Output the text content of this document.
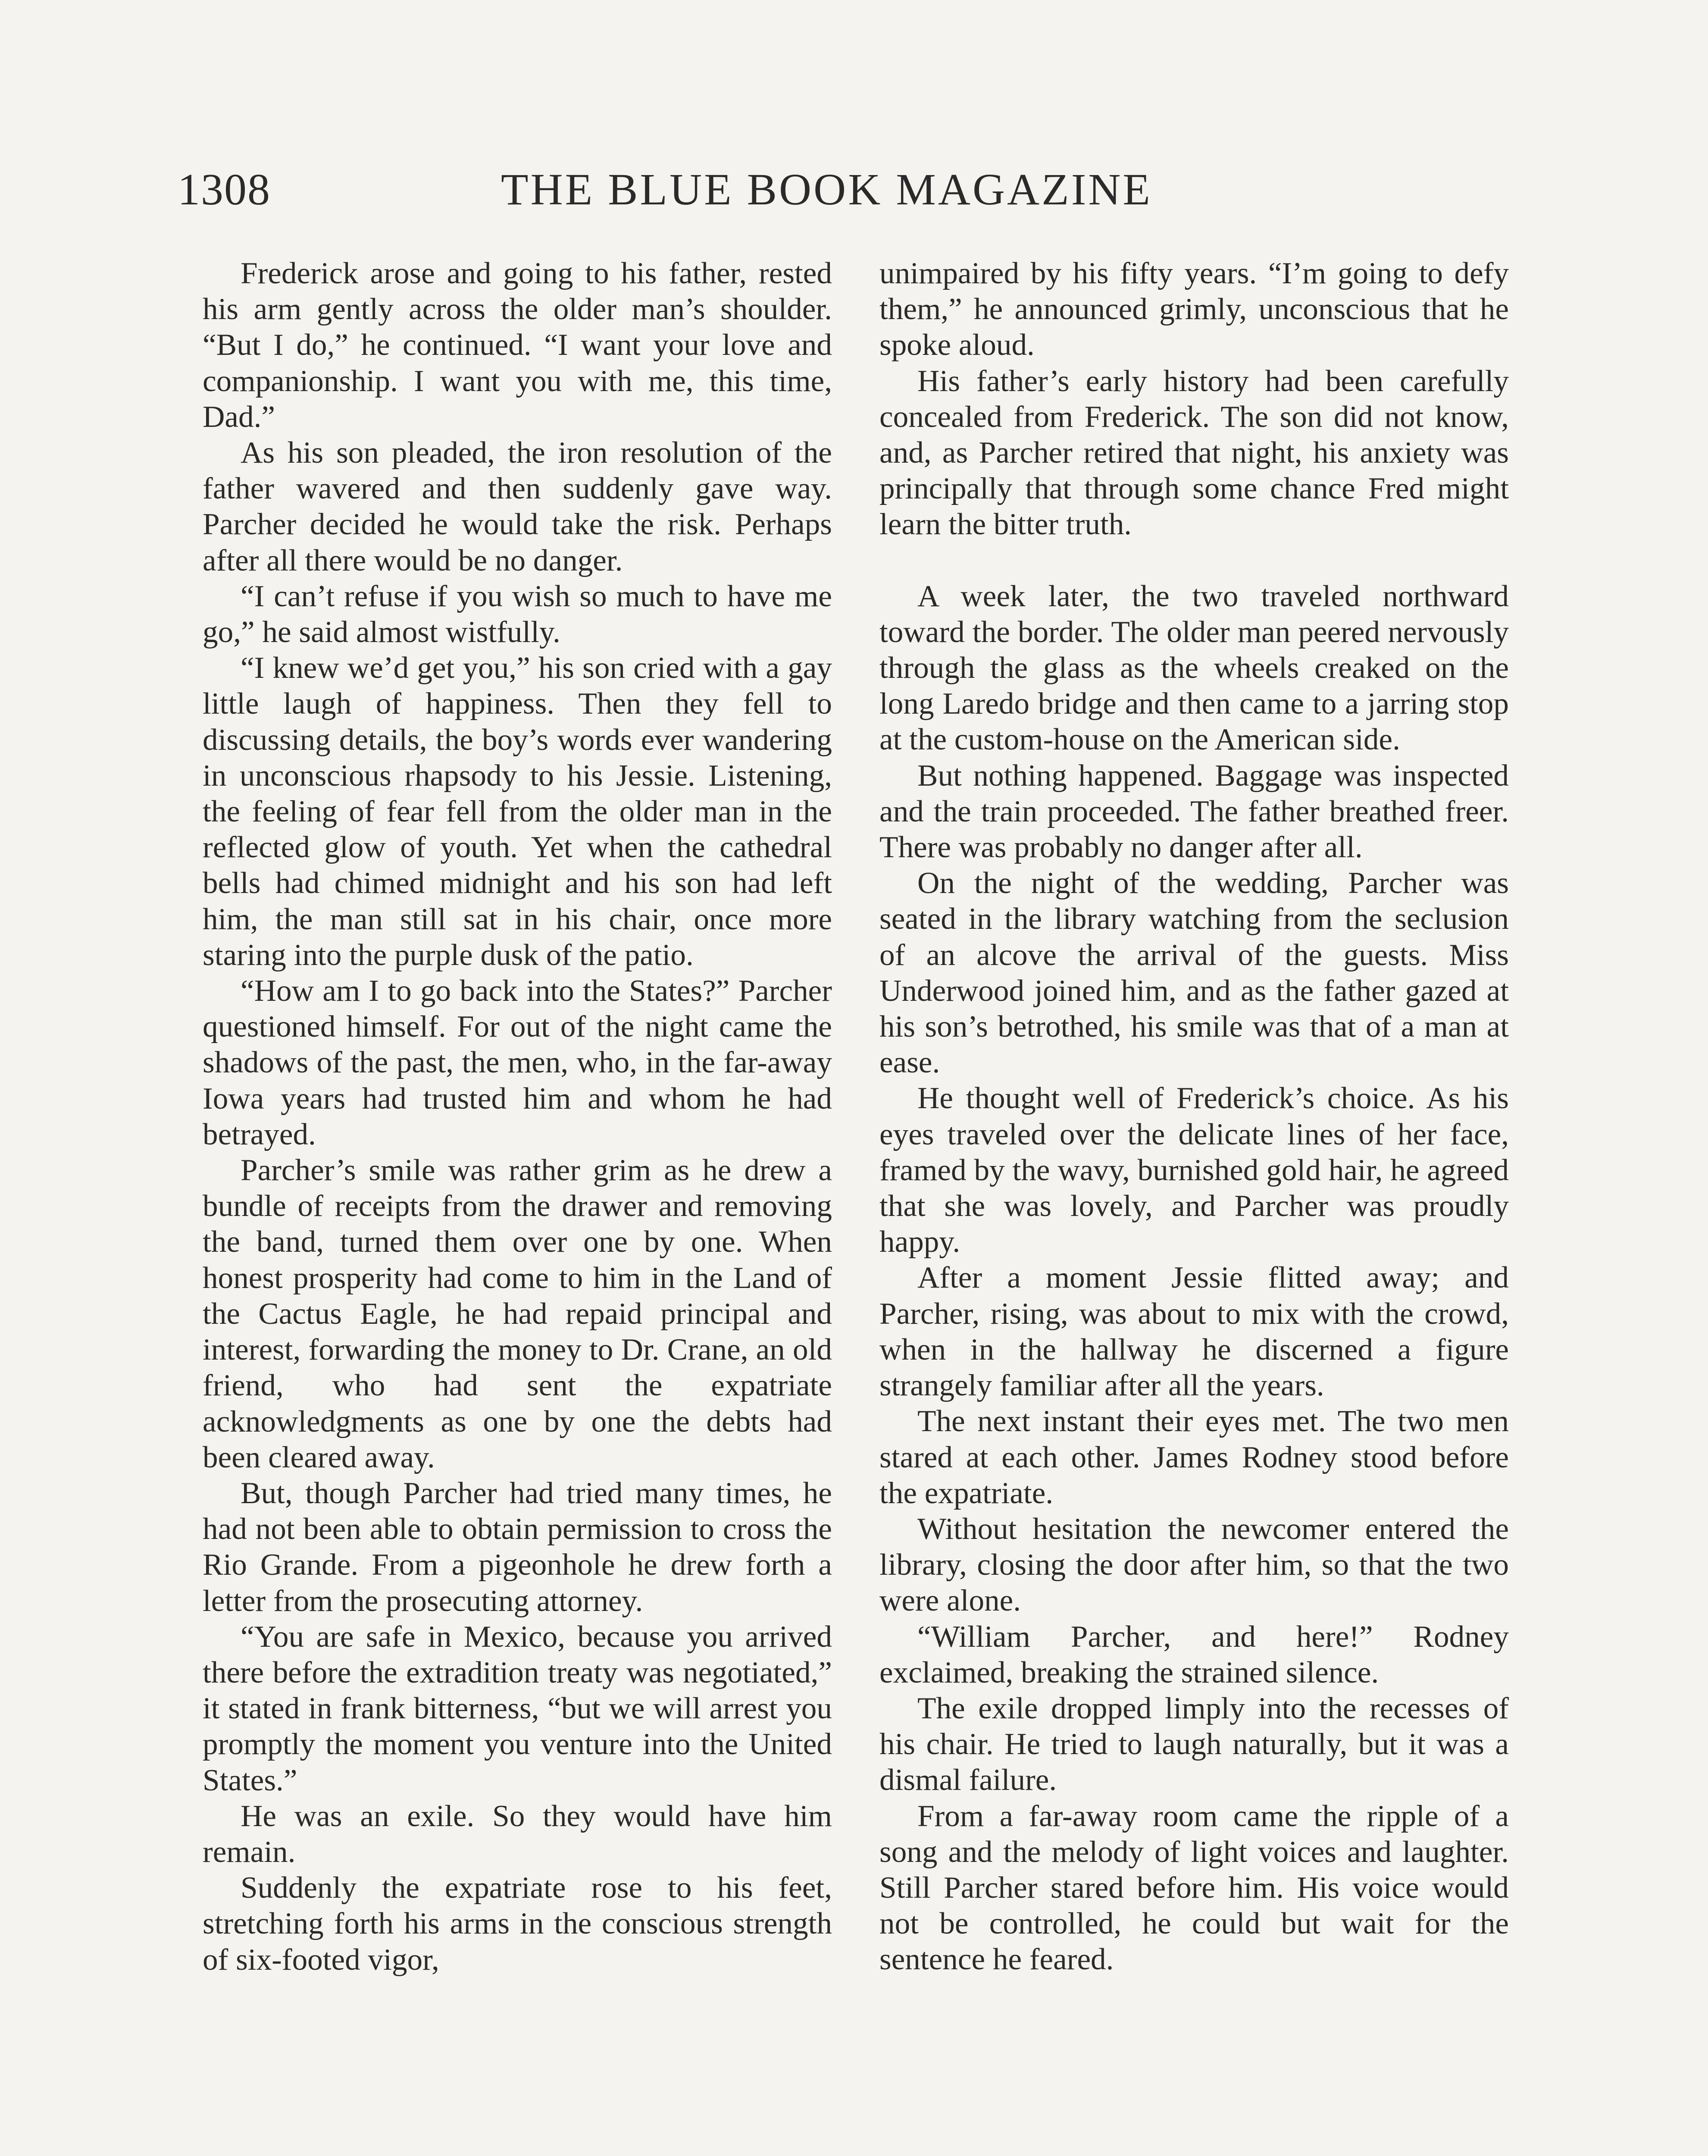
1308	THE BLUE BOOK MAGAZINE

Frederick arose and going to his father, rested his arm gently across the older man’s shoulder. “But I do,” he continued. “I want your love and companionship. I want you with me, this time, Dad.”

As his son pleaded, the iron resolution of the father wavered and then suddenly gave way. Parcher decided he would take the risk. Perhaps after all there would be no danger.

“I can’t refuse if you wish so much to have me go,” he said almost wistfully.

“I knew we’d get you,” his son cried with a gay little laugh of happiness. Then they fell to discussing details, the boy’s words ever wandering in unconscious rhapsody to his Jessie. Listening, the feeling of fear fell from the older man in the reflected glow of youth. Yet when the cathedral bells had chimed midnight and his son had left him, the man still sat in his chair, once more staring into the purple dusk of the patio.

“How am I to go back into the States?” Parcher questioned himself. For out of the night came the shadows of the past, the men, who, in the far-away Iowa years had trusted him and whom he had betrayed.

Parcher’s smile was rather grim as he drew a bundle of receipts from the drawer and removing the band, turned them over one by one. When honest prosperity had come to him in the Land of the Cactus Eagle, he had repaid principal and interest, forwarding the money to Dr. Crane, an old friend, who had sent the expatriate acknowledgments as one by one the debts had been cleared away.

But, though Parcher had tried many times, he had not been able to obtain permission to cross the Rio Grande. From a pigeonhole he drew forth a letter from the prosecuting attorney.

“You are safe in Mexico, because you arrived there before the extradition treaty was negotiated,” it stated in frank bitterness, “but we will arrest you promptly the moment you venture into the United States.”

He was an exile. So they would have him remain.

Suddenly the expatriate rose to his feet, stretching forth his arms in the conscious strength of six-footed vigor,

unimpaired by his fifty years. “I’m going to defy them,” he announced grimly, unconscious that he spoke aloud.

His father’s early history had been carefully concealed from Frederick. The son did not know, and, as Parcher retired that night, his anxiety was principally that through some chance Fred might learn the bitter truth.

A week later, the two traveled northward toward the border. The older man peered nervously through the glass as the wheels creaked on the long Laredo bridge and then came to a jarring stop at the custom-house on the American side.

But nothing happened. Baggage was inspected and the train proceeded. The father breathed freer. There was probably no danger after all.

On the night of the wedding, Parcher was seated in the library watching from the seclusion of an alcove the arrival of the guests. Miss Underwood joined him, and as the father gazed at his son’s betrothed, his smile was that of a man at ease.

He thought well of Frederick’s choice. As his eyes traveled over the delicate lines of her face, framed by the wavy, burnished gold hair, he agreed that she was lovely, and Parcher was proudly happy.

After a moment Jessie flitted away; and Parcher, rising, was about to mix with the crowd, when in the hallway he discerned a figure strangely familiar after all the years.

The next instant their eyes met. The two men stared at each other. James Rodney stood before the expatriate.

Without hesitation the newcomer entered the library, closing the door after him, so that the two were alone.

“William Parcher, and here!” Rodney exclaimed, breaking the strained silence.

The exile dropped limply into the recesses of his chair. He tried to laugh naturally, but it was a dismal failure.

From a far-away room came the ripple of a song and the melody of light voices and laughter. Still Parcher stared before him. His voice would not be controlled, he could but wait for the sentence he feared.
